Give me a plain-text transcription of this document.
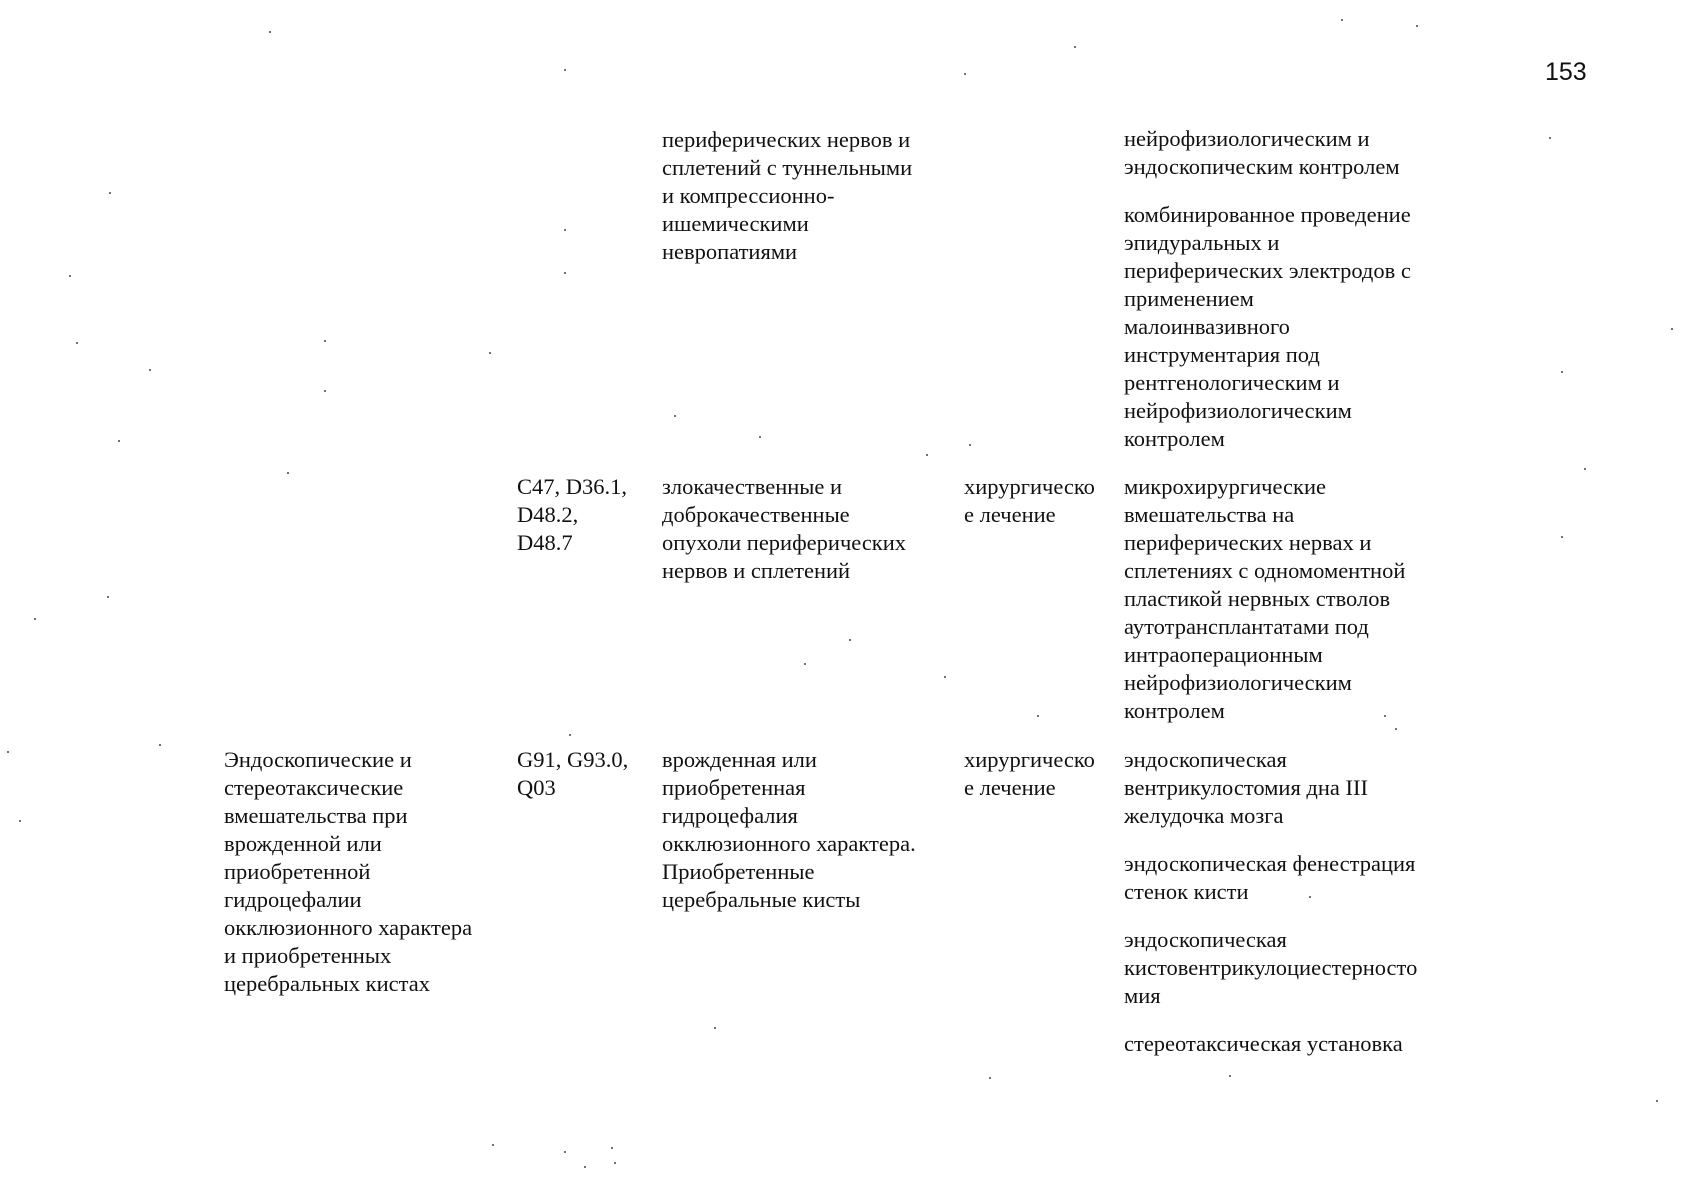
153
периферических нервов и
сплетений с туннельными
и компрессионно-
ишемическими
невропатиями
нейрофизиологическим и
эндоскопическим контролем
комбинированное проведение
эпидуральных и
периферических электродов с
применением
малоинвазивного
инструментария под
рентгенологическим и
нейрофизиологическим
контролем
C47, D36.1,
D48.2,
D48.7
злокачественные и
доброкачественные
опухоли периферических
нервов и сплетений
хирургическо
е лечение
микрохирургические
вмешательства на
периферических нервах и
сплетениях с одномоментной
пластикой нервных стволов
аутотрансплантатами под
интраоперационным
нейрофизиологическим
контролем
Эндоскопические и
стереотаксические
вмешательства при
врожденной или
приобретенной
гидроцефалии
окклюзионного характера
и приобретенных
церебральных кистах
G91, G93.0,
Q03
врожденная или
приобретенная
гидроцефалия
окклюзионного характера.
Приобретенные
церебральные кисты
хирургическо
е лечение
эндоскопическая
вентрикулостомия дна III
желудочка мозга
эндоскопическая фенестрация
стенок кисти
эндоскопическая
кистовентрикулоциестерносто
мия
стереотаксическая установка
